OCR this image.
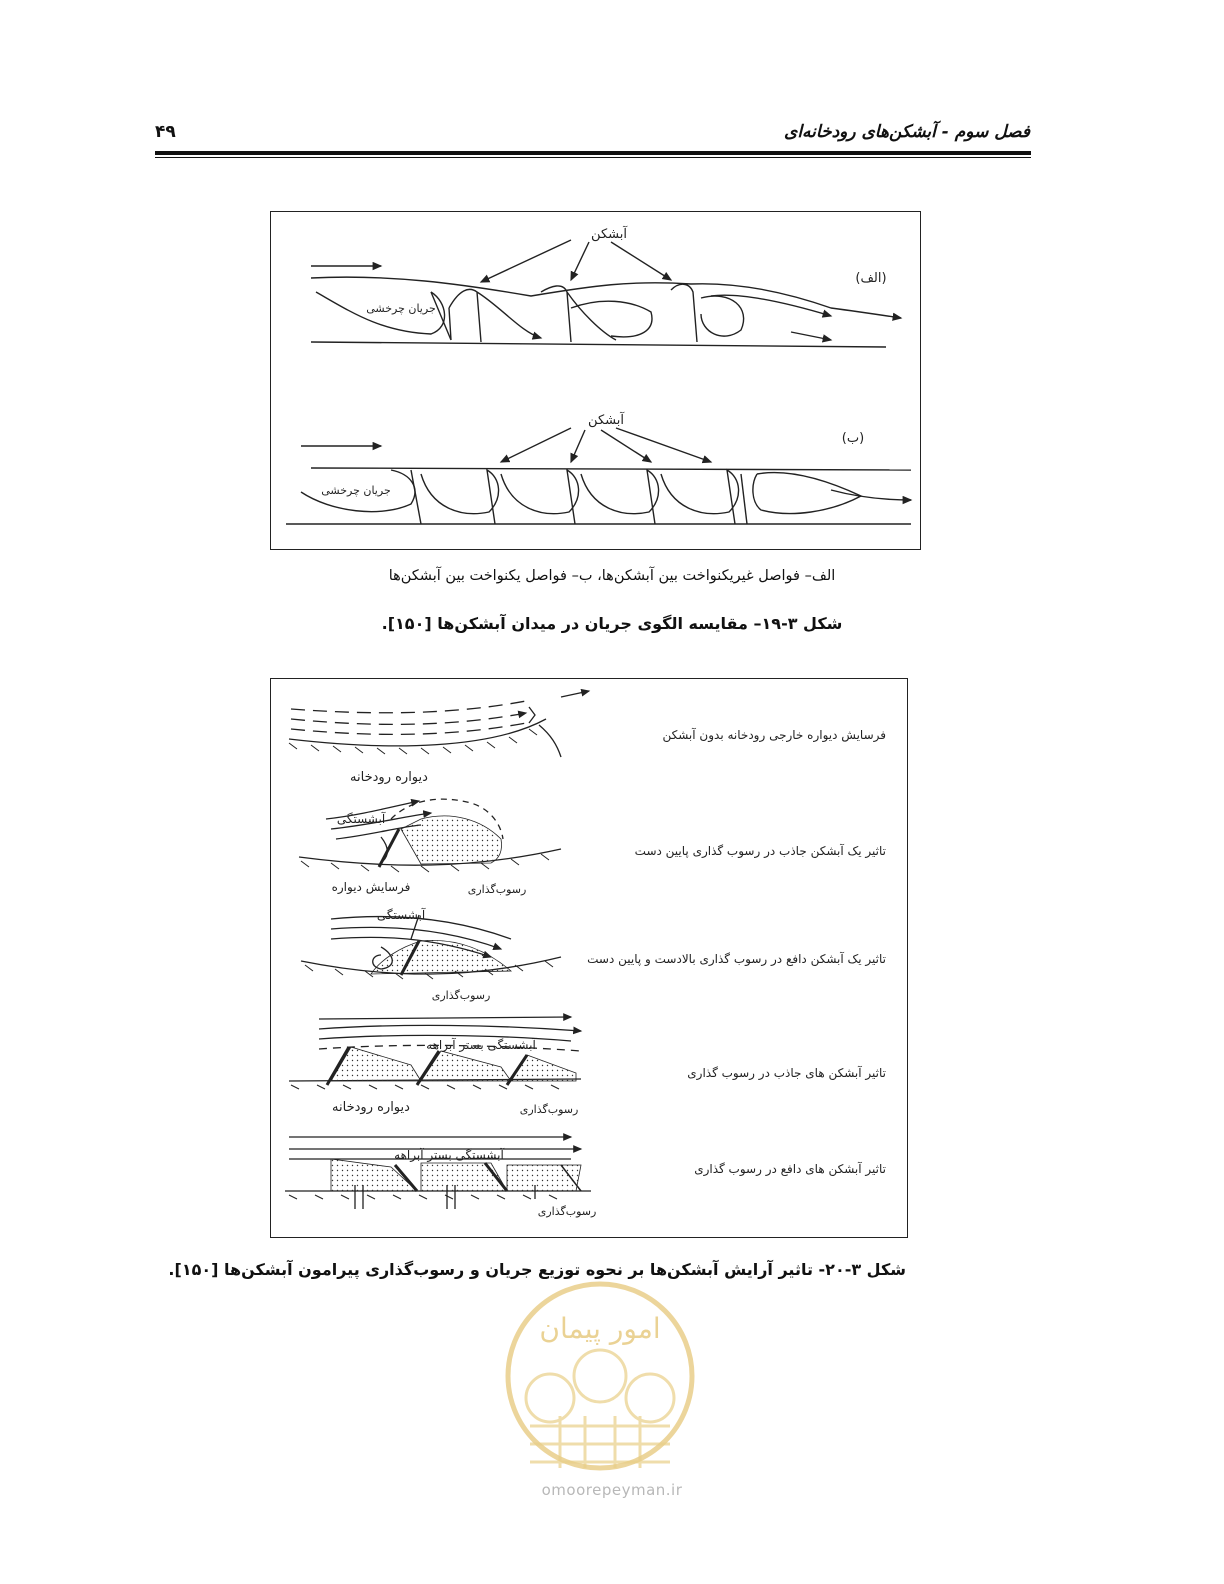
فصل سوم - آبشکن‌های رودخانه‌ای
۴۹
آبشکن
جریان چرخشی
(الف)
آبشکن
جریان چرخشی
(ب)
الف– فواصل غیریکنواخت بین آبشکن‌ها، ب– فواصل یکنواخت بین آبشکن‌ها
شکل ۳-۱۹– مقایسه الگوی جریان در میدان آبشکن‌ها [۱۵۰].
دیواره رودخانه
آبشستگی
فرسایش دیواره	رسوب‌گذاری
آبشستگی
رسوب‌گذاری
آبشستگی بستر آبراهه
دیواره رودخانه	رسوب‌گذاری
آبشستگی بستر آبراهه
رسوب‌گذاری
فرسایش دیواره خارجی رودخانه بدون آبشکن
تاثیر یک آبشکن جاذب در رسوب گذاری پایین دست
تاثیر یک آبشکن دافع در رسوب گذاری بالادست و پایین دست
تاثیر آبشکن های جاذب در رسوب گذاری
تاثیر آبشکن های دافع در رسوب گذاری
شکل ۳-۲۰- تاثیر آرایش آبشکن‌ها بر نحوه توزیع جریان و رسوب‌گذاری پیرامون آبشکن‌ها [۱۵۰].
امور پیمان
omoorepeyman.ir
